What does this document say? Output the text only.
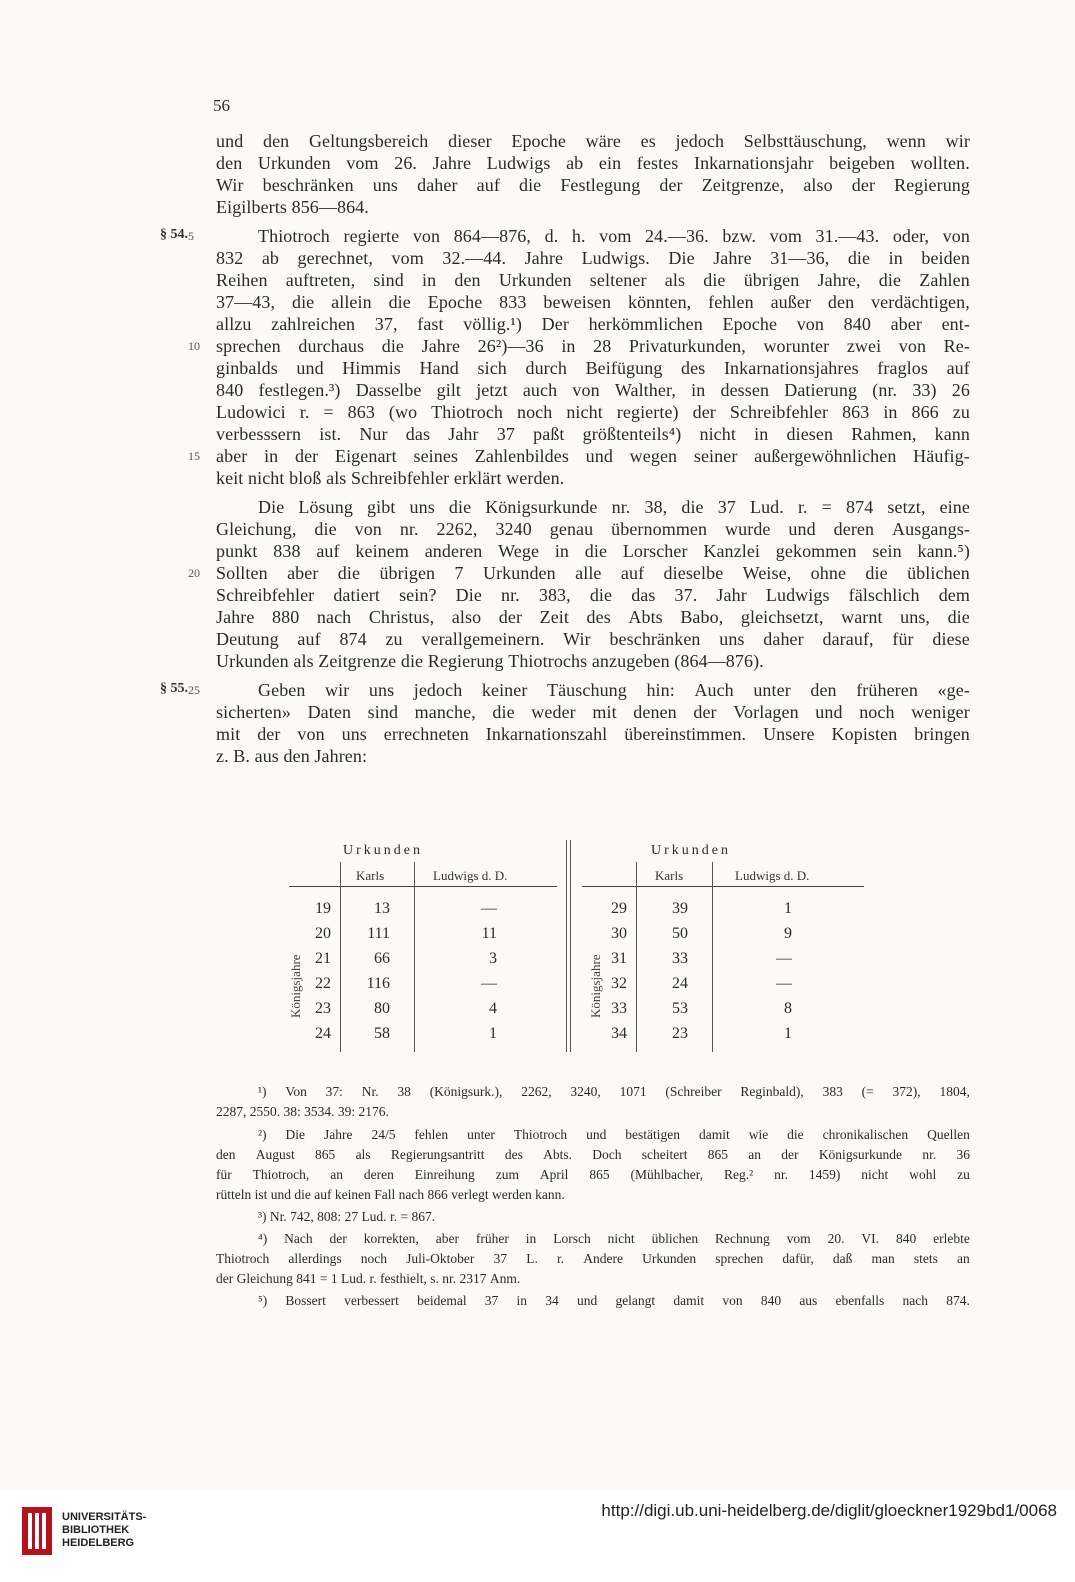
56
und den Geltungsbereich dieser Epoche wäre es jedoch Selbsttäuschung, wenn wir
den Urkunden vom 26. Jahre Ludwigs ab ein festes Inkarnationsjahr beigeben wollten.
Wir beschränken uns daher auf die Festlegung der Zeitgrenze, also der Regierung
Eigilberts 856—864.
Thiotroch regierte von 864—876, d. h. vom 24.—36. bzw. vom 31.—43. oder, von
832 ab gerechnet, vom 32.—44. Jahre Ludwigs. Die Jahre 31—36, die in beiden
Reihen auftreten, sind in den Urkunden seltener als die übrigen Jahre, die Zahlen
37—43, die allein die Epoche 833 beweisen könnten, fehlen außer den verdächtigen,
allzu zahlreichen 37, fast völlig.¹) Der herkömmlichen Epoche von 840 aber ent-
sprechen durchaus die Jahre 26²)—36 in 28 Privaturkunden, worunter zwei von Re-
ginbalds und Himmis Hand sich durch Beifügung des Inkarnationsjahres fraglos auf
840 festlegen.³) Dasselbe gilt jetzt auch von Walther, in dessen Datierung (nr. 33) 26
Ludowici r. = 863 (wo Thiotroch noch nicht regierte) der Schreibfehler 863 in 866 zu
verbesssern ist. Nur das Jahr 37 paßt größtenteils⁴) nicht in diesen Rahmen, kann
aber in der Eigenart seines Zahlenbildes und wegen seiner außergewöhnlichen Häufig-
keit nicht bloß als Schreibfehler erklärt werden.
Die Lösung gibt uns die Königsurkunde nr. 38, die 37 Lud. r. = 874 setzt, eine
Gleichung, die von nr. 2262, 3240 genau übernommen wurde und deren Ausgangs-
punkt 838 auf keinem anderen Wege in die Lorscher Kanzlei gekommen sein kann.⁵)
Sollten aber die übrigen 7 Urkunden alle auf dieselbe Weise, ohne die üblichen
Schreibfehler datiert sein? Die nr. 383, die das 37. Jahr Ludwigs fälschlich dem
Jahre 880 nach Christus, also der Zeit des Abts Babo, gleichsetzt, warnt uns, die
Deutung auf 874 zu verallgemeinern. Wir beschränken uns daher darauf, für diese
Urkunden als Zeitgrenze die Regierung Thiotrochs anzugeben (864—876).
Geben wir uns jedoch keiner Täuschung hin: Auch unter den früheren «ge-
sicherten» Daten sind manche, die weder mit denen der Vorlagen und noch weniger
mit der von uns errechneten Inkarnationszahl übereinstimmen. Unsere Kopisten bringen
z. B. aus den Jahren:
5
10
15
20
25
§ 54.
§ 55.
Urkunden
Karls	Ludwigs d. D.
Königsjahre
19	13	—
20 111	11
21	66	3
22 116	—
23	80	4
24	58	1
Urkunden
Karls	Ludwigs d. D.
Königsjahre
29	39	1
30	50	9
31	33	—
32	24	—
33	53	8
34	23	1
¹) Von 37: Nr. 38 (Königsurk.), 2262, 3240, 1071 (Schreiber Reginbald), 383 (= 372), 1804,
2287, 2550. 38: 3534. 39: 2176.
²) Die Jahre 24/5 fehlen unter Thiotroch und bestätigen damit wie die chronikalischen Quellen
den August 865 als Regierungsantritt des Abts. Doch scheitert 865 an der Königsurkunde nr. 36
für Thiotroch, an deren Einreihung zum April 865 (Mühlbacher, Reg.² nr. 1459) nicht wohl zu
rütteln ist und die auf keinen Fall nach 866 verlegt werden kann.
³) Nr. 742, 808: 27 Lud. r. = 867.
⁴) Nach der korrekten, aber früher in Lorsch nicht üblichen Rechnung vom 20. VI. 840 erlebte
Thiotroch allerdings noch Juli-Oktober 37 L. r. Andere Urkunden sprechen dafür, daß man stets an
der Gleichung 841 = 1 Lud. r. festhielt, s. nr. 2317 Anm.
⁵) Bossert verbessert beidemal 37 in 34 und gelangt damit von 840 aus ebenfalls nach 874.
UNIVERSITÄTS-
BIBLIOTHEK
HEIDELBERG
http://digi.ub.uni-heidelberg.de/diglit/gloeckner1929bd1/0068
